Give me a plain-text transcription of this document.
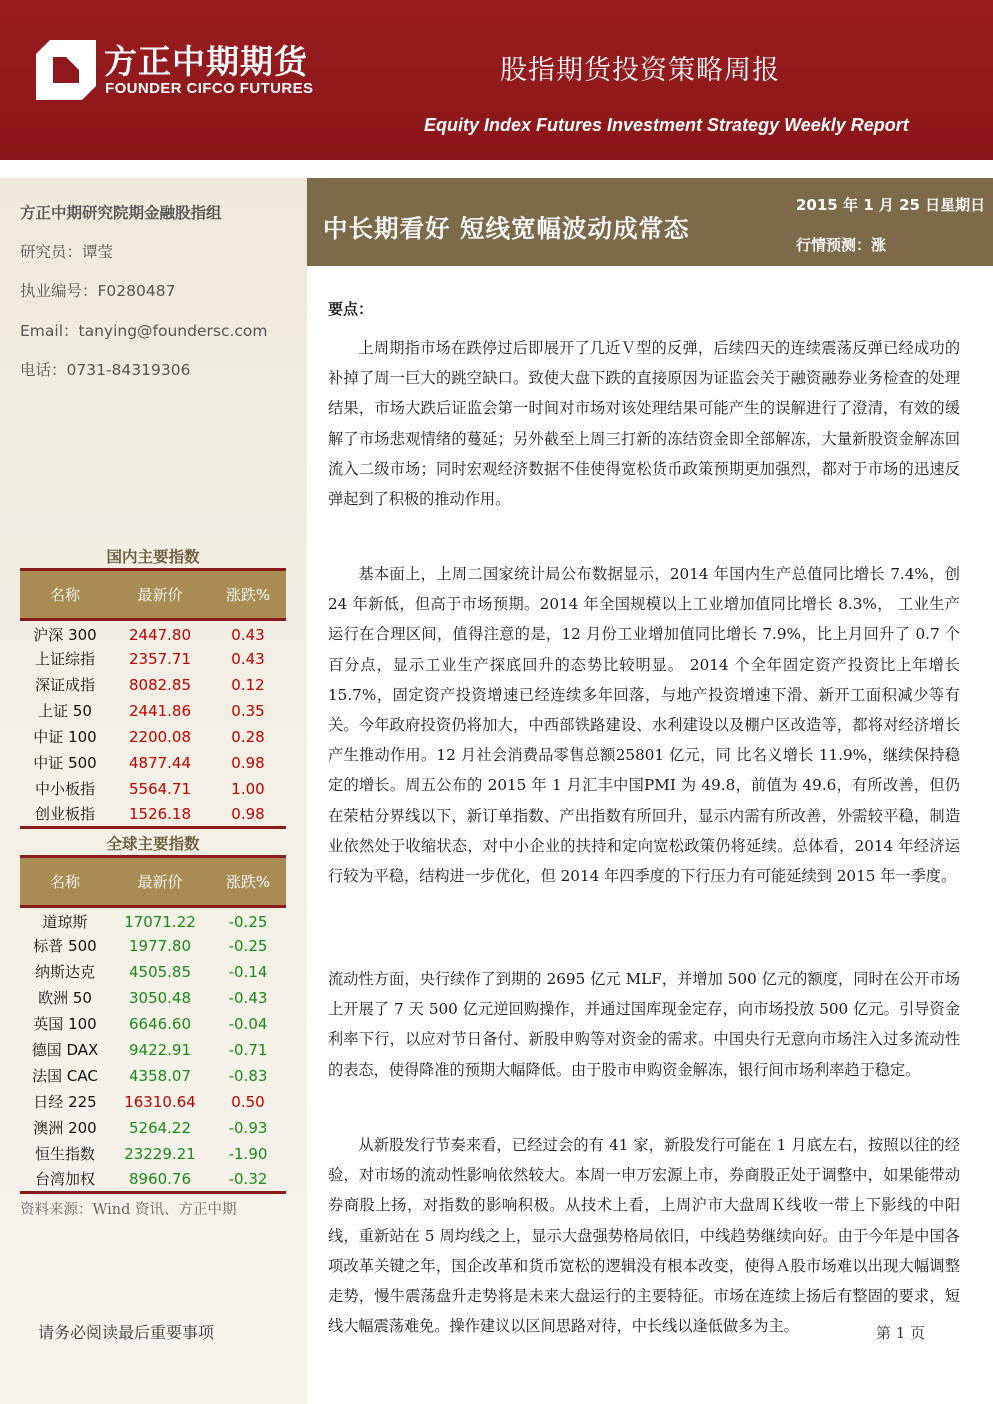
方正中期期货
FOUNDER CIFCO FUTURES
股指期货投资策略周报
Equity Index Futures Investment Strategy Weekly Report
方正中期研究院期金融股指组
研究员：谭莹
执业编号：F0280487
Email：tanying@foundersc.com
电话：0731-84319306
国内主要指数
名称	最新价	涨跌%
沪深 300	2447.80	0.43
上证综指	2357.71	0.43
深证成指	8082.85	0.12
上证 50	2441.86	0.35
中证 100	2200.08	0.28
中证 500	4877.44	0.98
中小板指	5564.71	1.00
创业板指	1526.18	0.98
全球主要指数
名称	最新价	涨跌%
道琼斯	17071.22	-0.25
标普 500	1977.80	-0.25
纳斯达克	4505.85	-0.14
欧洲 50	3050.48	-0.43
英国 100	6646.60	-0.04
德国 DAX	9422.91	-0.71
法国 CAC	4358.07	-0.83
日经 225	16310.64	0.50
澳洲 200	5264.22	-0.93
恒生指数	23229.21	-1.90
台湾加权	8960.76	-0.32
资料来源：Wind 资讯、方正中期
请务必阅读最后重要事项
中长期看好 短线宽幅波动成常态
2015 年 1 月 25 日星期日
行情预测：涨
要点：

上周期指市场在跌停过后即展开了几近Ｖ型的反弹，后续四天的连续震荡反弹已经成功的补掉了周一巨大的跳空缺口。致使大盘下跌的直接原因为证监会关于融资融券业务检查的处理结果，市场大跌后证监会第一时间对市场对该处理结果可能产生的误解进行了澄清，有效的缓解了市场悲观情绪的蔓延；另外截至上周三打新的冻结资金即全部解冻，大量新股资金解冻回流入二级市场；同时宏观经济数据不佳使得宽松货币政策预期更加强烈，都对于市场的迅速反弹起到了积极的推动作用。

基本面上，上周二国家统计局公布数据显示，2014 年国内生产总值同比增长 7.4%，创 24 年新低，但高于市场预期。2014 年全国规模以上工业增加值同比增长 8.3%， 工业生产运行在合理区间，值得注意的是，12 月份工业增加值同比增长 7.9%，比上月回升了 0.7 个百分点，显示工业生产探底回升的态势比较明显。 2014 个全年固定资产投资比上年增长 15.7%，固定资产投资增速已经连续多年回落，与地产投资增速下滑、新开工面积减少等有关。今年政府投资仍将加大，中西部铁路建设、水利建设以及棚户区改造等，都将对经济增长产生推动作用。12 月社会消费品零售总额25801 亿元，同 比名义增长 11.9%，继续保持稳定的增长。周五公布的 2015 年 1 月汇丰中国PMI 为 49.8，前值为 49.6，有所改善，但仍在荣枯分界线以下，新订单指数、产出指数有所回升，显示内需有所改善，外需较平稳，制造业依然处于收缩状态，对中小企业的扶持和定向宽松政策仍将延续。总体看，2014 年经济运行较为平稳，结构进一步优化，但 2014 年四季度的下行压力有可能延续到 2015 年一季度。

流动性方面，央行续作了到期的 2695 亿元 MLF，并增加 500 亿元的额度，同时在公开市场上开展了 7 天 500 亿元逆回购操作，并通过国库现金定存，向市场投放 500 亿元。引导资金利率下行，以应对节日备付、新股申购等对资金的需求。中国央行无意向市场注入过多流动性的表态，使得降准的预期大幅降低。由于股市申购资金解冻，银行间市场利率趋于稳定。

从新股发行节奏来看，已经过会的有 41 家，新股发行可能在 1 月底左右，按照以往的经验，对市场的流动性影响依然较大。本周一申万宏源上市，券商股正处于调整中，如果能带动券商股上扬，对指数的影响积极。从技术上看，上周沪市大盘周Ｋ线收一带上下影线的中阳线，重新站在 5 周均线之上，显示大盘强势格局依旧，中线趋势继续向好。由于今年是中国各项改革关键之年，国企改革和货币宽松的逻辑没有根本改变，使得Ａ股市场难以出现大幅调整走势，慢牛震荡盘升走势将是未来大盘运行的主要特征。市场在连续上扬后有整固的要求，短线大幅震荡难免。操作建议以区间思路对待，中长线以逢低做多为主。	第 1 页
